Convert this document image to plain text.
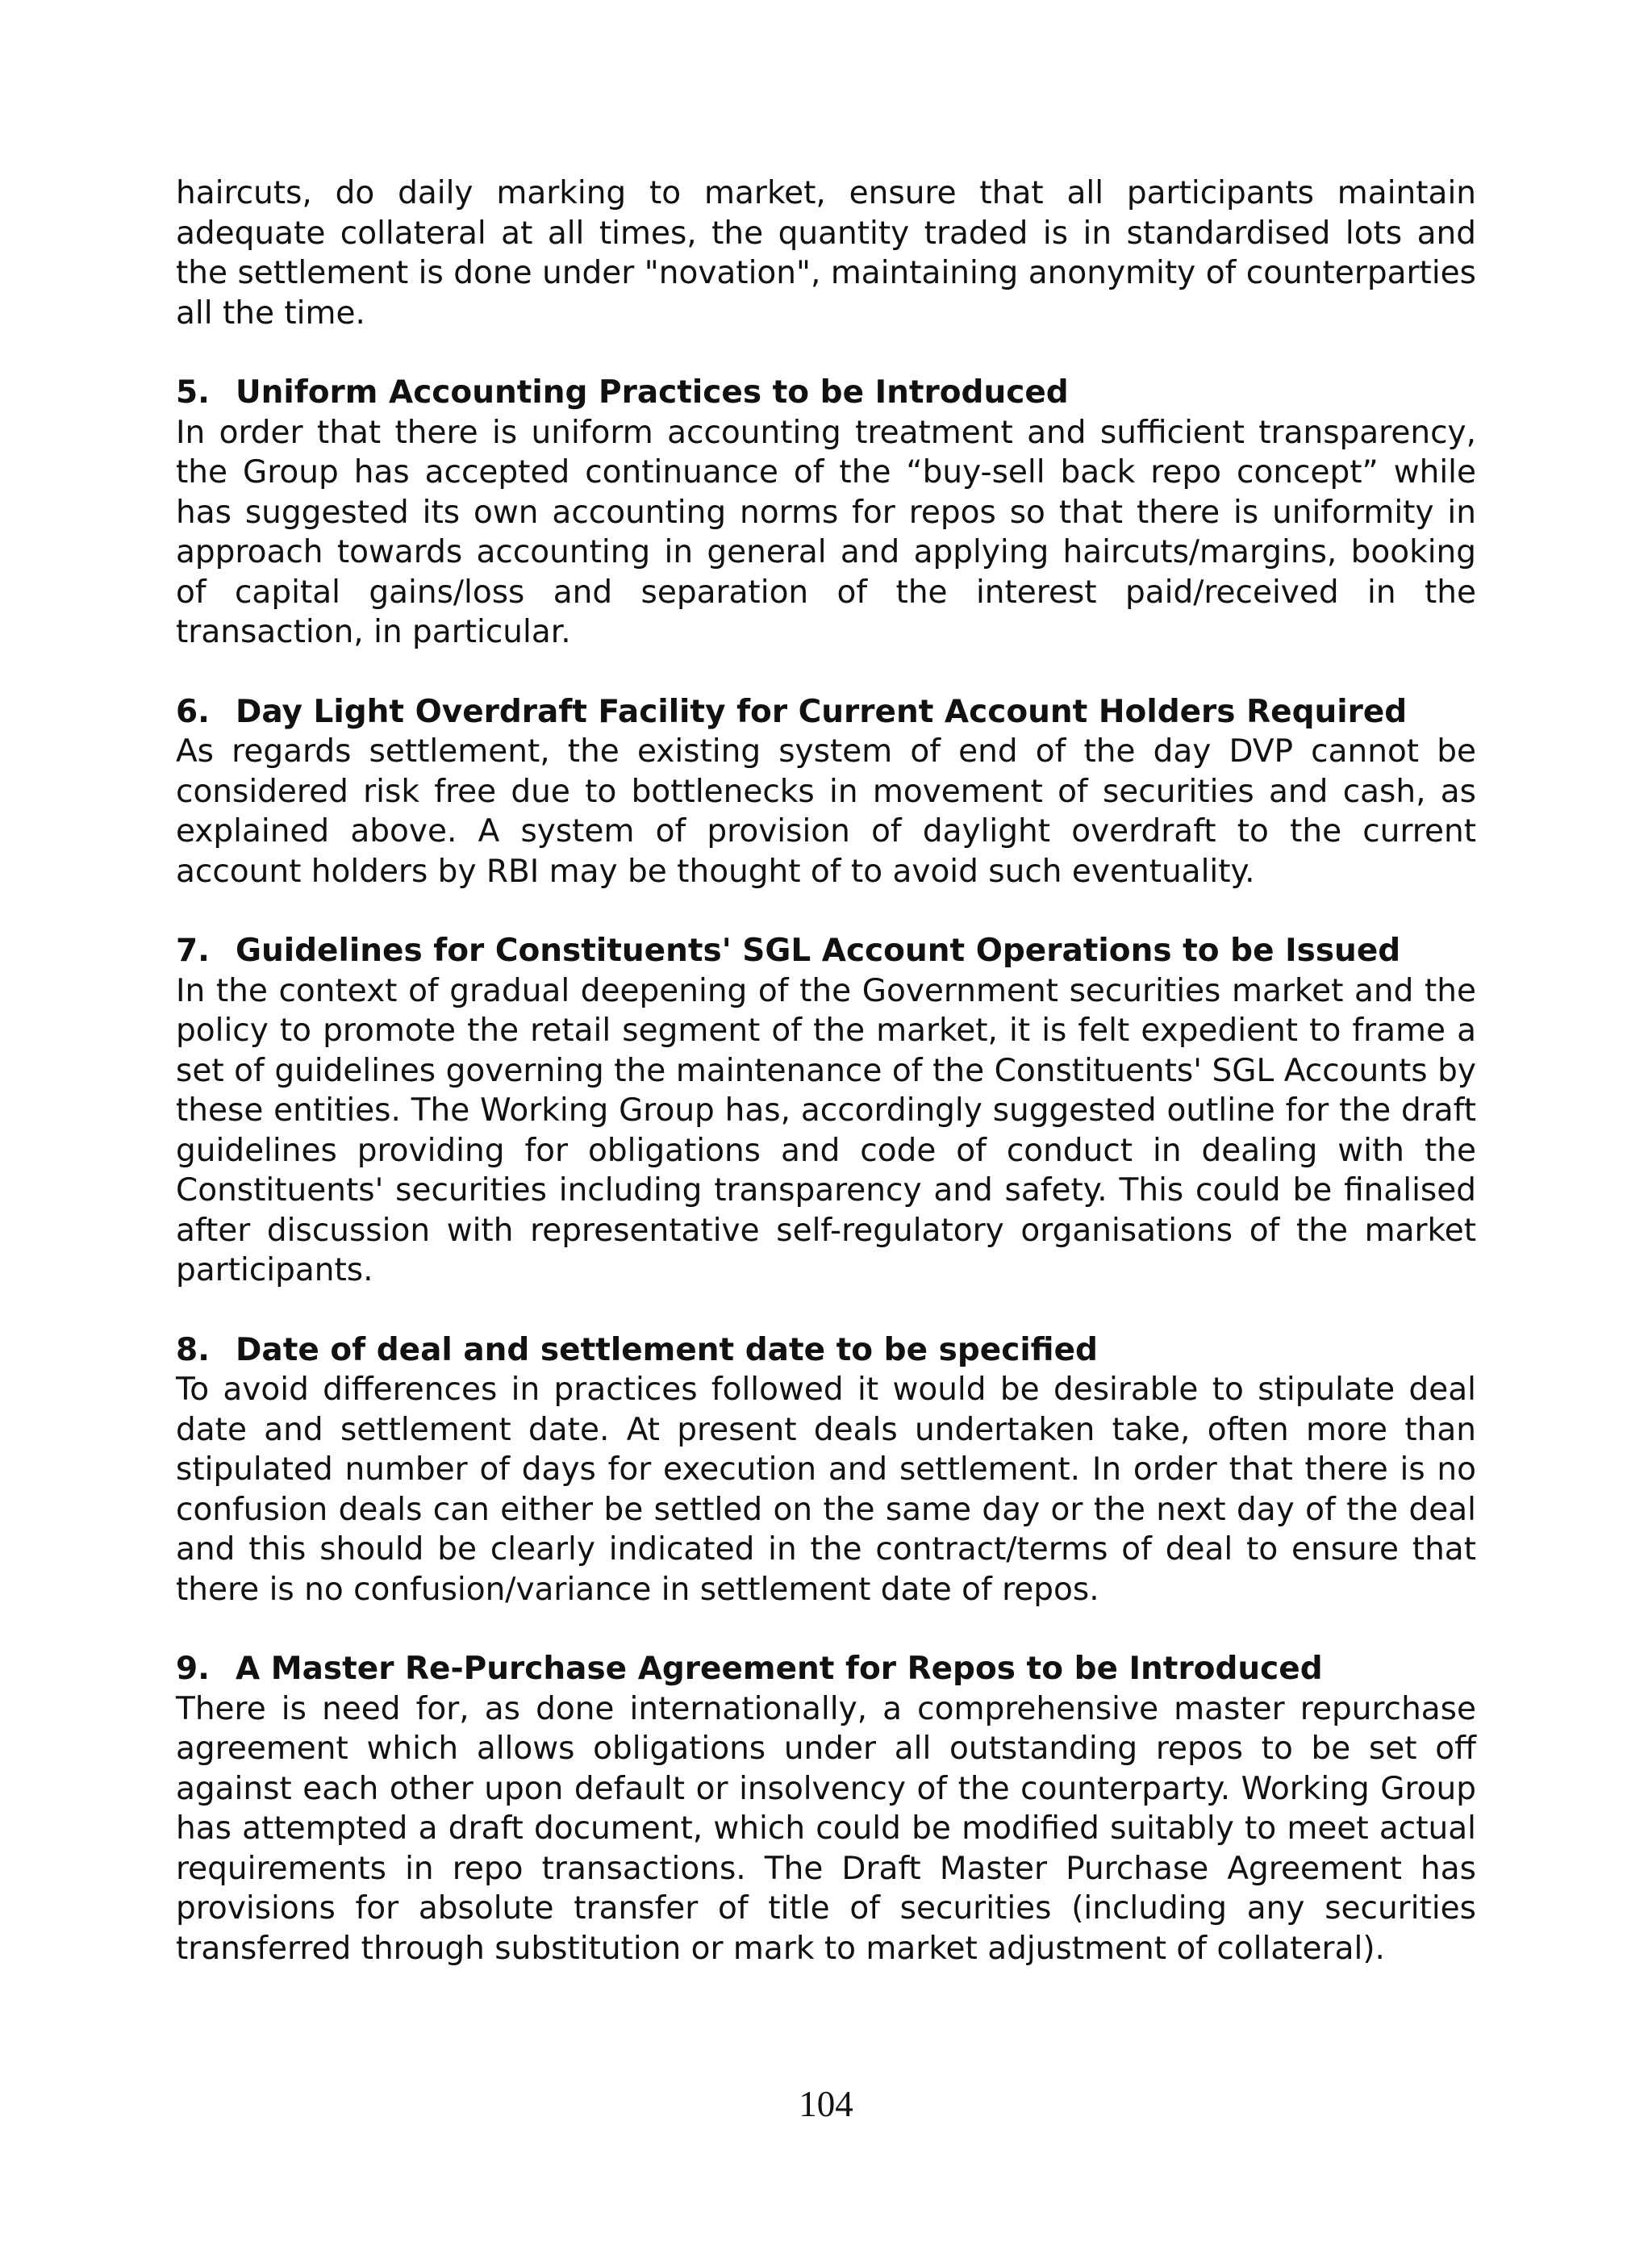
haircuts, do daily marking to market, ensure that all participants maintain adequate collateral at all times, the quantity traded is in standardised lots and the settlement is done under "novation", maintaining anonymity of counterparties all the time.

5. Uniform Accounting Practices to be Introduced

In order that there is uniform accounting treatment and sufficient transparency, the Group has accepted continuance of the “buy-sell back repo concept” while has suggested its own accounting norms for repos so that there is uniformity in approach towards accounting in general and applying haircuts/margins, booking of capital gains/loss and separation of the interest paid/received in the transaction, in particular.

6. Day Light Overdraft Facility for Current Account Holders Required

As regards settlement, the existing system of end of the day DVP cannot be considered risk free due to bottlenecks in movement of securities and cash, as explained above. A system of provision of daylight overdraft to the current account holders by RBI may be thought of to avoid such eventuality.

7. Guidelines for Constituents' SGL Account Operations to be Issued

In the context of gradual deepening of the Government securities market and the policy to promote the retail segment of the market, it is felt expedient to frame a set of guidelines governing the maintenance of the Constituents' SGL Accounts by these entities. The Working Group has, accordingly suggested outline for the draft guidelines providing for obligations and code of conduct in dealing with the Constituents' securities including transparency and safety. This could be finalised after discussion with representative self-regulatory organisations of the market participants.

8. Date of deal and settlement date to be specified

To avoid differences in practices followed it would be desirable to stipulate deal date and settlement date. At present deals undertaken take, often more than stipulated number of days for execution and settlement. In order that there is no confusion deals can either be settled on the same day or the next day of the deal and this should be clearly indicated in the contract/terms of deal to ensure that there is no confusion/variance in settlement date of repos.

9. A Master Re-Purchase Agreement for Repos to be Introduced

There is need for, as done internationally, a comprehensive master repurchase agreement which allows obligations under all outstanding repos to be set off against each other upon default or insolvency of the counterparty. Working Group has attempted a draft document, which could be modified suitably to meet actual requirements in repo transactions. The Draft Master Purchase Agreement has provisions for absolute transfer of title of securities (including any securities transferred through substitution or mark to market adjustment of collateral).

104
